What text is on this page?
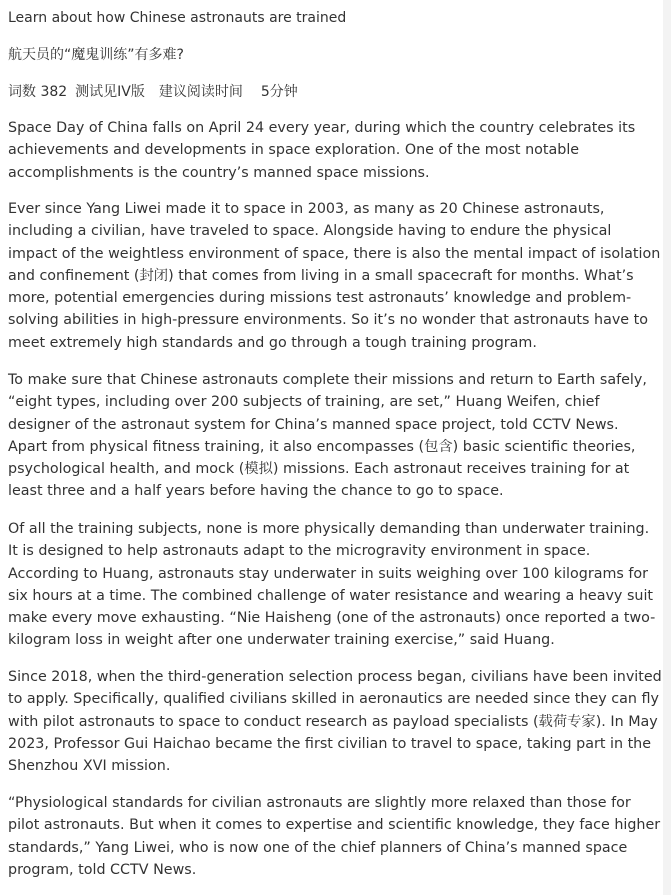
Learn about how Chinese astronauts are trained

航天员的“魔鬼训练”有多难?

词数 382 测试见IV版 建议阅读时间 5分钟

Space Day of China falls on April 24 every year, during which the country celebrates its achievements and developments in space exploration. One of the most notable accomplishments is the country’s manned space missions.

Ever since Yang Liwei made it to space in 2003, as many as 20 Chinese astronauts, including a civilian, have traveled to space. Alongside having to endure the physical impact of the weightless environment of space, there is also the mental impact of isolation and confinement (封闭) that comes from living in a small spacecraft for months. What’s more, potential emergencies during missions test astronauts’ knowledge and problem-solving abilities in high-pressure environments. So it’s no wonder that astronauts have to meet extremely high standards and go through a tough training program.

To make sure that Chinese astronauts complete their missions and return to Earth safely, “eight types, including over 200 subjects of training, are set,” Huang Weifen, chief designer of the astronaut system for China’s manned space project, told CCTV News. Apart from physical fitness training, it also encompasses (包含) basic scientific theories, psychological health, and mock (模拟) missions. Each astronaut receives training for at least three and a half years before having the chance to go to space.

Of all the training subjects, none is more physically demanding than underwater training. It is designed to help astronauts adapt to the microgravity environment in space. According to Huang, astronauts stay underwater in suits weighing over 100 kilograms for six hours at a time. The combined challenge of water resistance and wearing a heavy suit make every move exhausting. “Nie Haisheng (one of the astronauts) once reported a two-kilogram loss in weight after one underwater training exercise,” said Huang.

Since 2018, when the third-generation selection process began, civilians have been invited to apply. Specifically, qualified civilians skilled in aeronautics are needed since they can fly with pilot astronauts to space to conduct research as payload specialists (载荷专家). In May 2023, Professor Gui Haichao became the first civilian to travel to space, taking part in the Shenzhou XVI mission.

“Physiological standards for civilian astronauts are slightly more relaxed than those for pilot astronauts. But when it comes to expertise and scientific knowledge, they face higher standards,” Yang Liwei, who is now one of the chief planners of China’s manned space program, told CCTV News.
